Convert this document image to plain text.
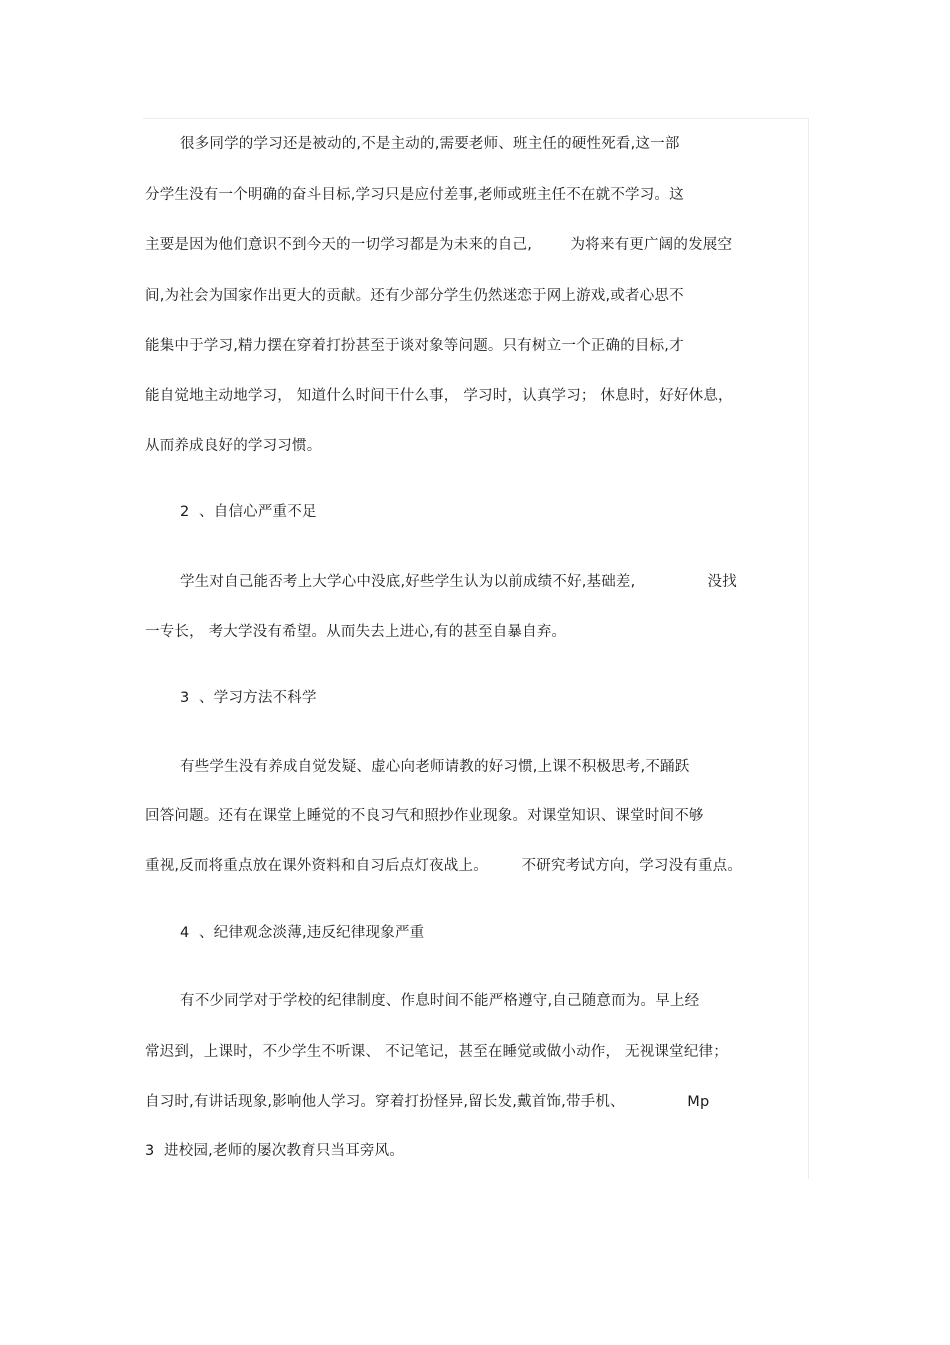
很多同学的学习还是被动的,不是主动的,需要老师、班主任的硬性死看,这一部
分学生没有一个明确的奋斗目标,学习只是应付差事,老师或班主任不在就不学习。这
主要是因为他们意识不到今天的一切学习都是为未来的自己,        为将来有更广阔的发展空
间,为社会为国家作出更大的贡献。还有少部分学生仍然迷恋于网上游戏,或者心思不
能集中于学习,精力摆在穿着打扮甚至于谈对象等问题。只有树立一个正确的目标,才
能自觉地主动地学习， 知道什么时间干什么事， 学习时，认真学习； 休息时，好好休息，
从而养成良好的学习习惯。
2  、自信心严重不足
学生对自己能否考上大学心中没底,好些学生认为以前成绩不好,基础差,               没找
一专长， 考大学没有希望。从而失去上进心,有的甚至自暴自弃。
3  、学习方法不科学
有些学生没有养成自觉发疑、虚心向老师请教的好习惯,上课不积极思考,不踊跃
回答问题。还有在课堂上睡觉的不良习气和照抄作业现象。对课堂知识、课堂时间不够
重视,反而将重点放在课外资料和自习后点灯夜战上。       不研究考试方向，学习没有重点。
4  、纪律观念淡薄,违反纪律现象严重
有不少同学对于学校的纪律制度、作息时间不能严格遵守,自己随意而为。早上经
常迟到，上课时，不少学生不听课、 不记笔记，甚至在睡觉或做小动作， 无视课堂纪律；
自习时,有讲话现象,影响他人学习。穿着打扮怪异,留长发,戴首饰,带手机、             Mp
3  进校园,老师的屡次教育只当耳旁风。
